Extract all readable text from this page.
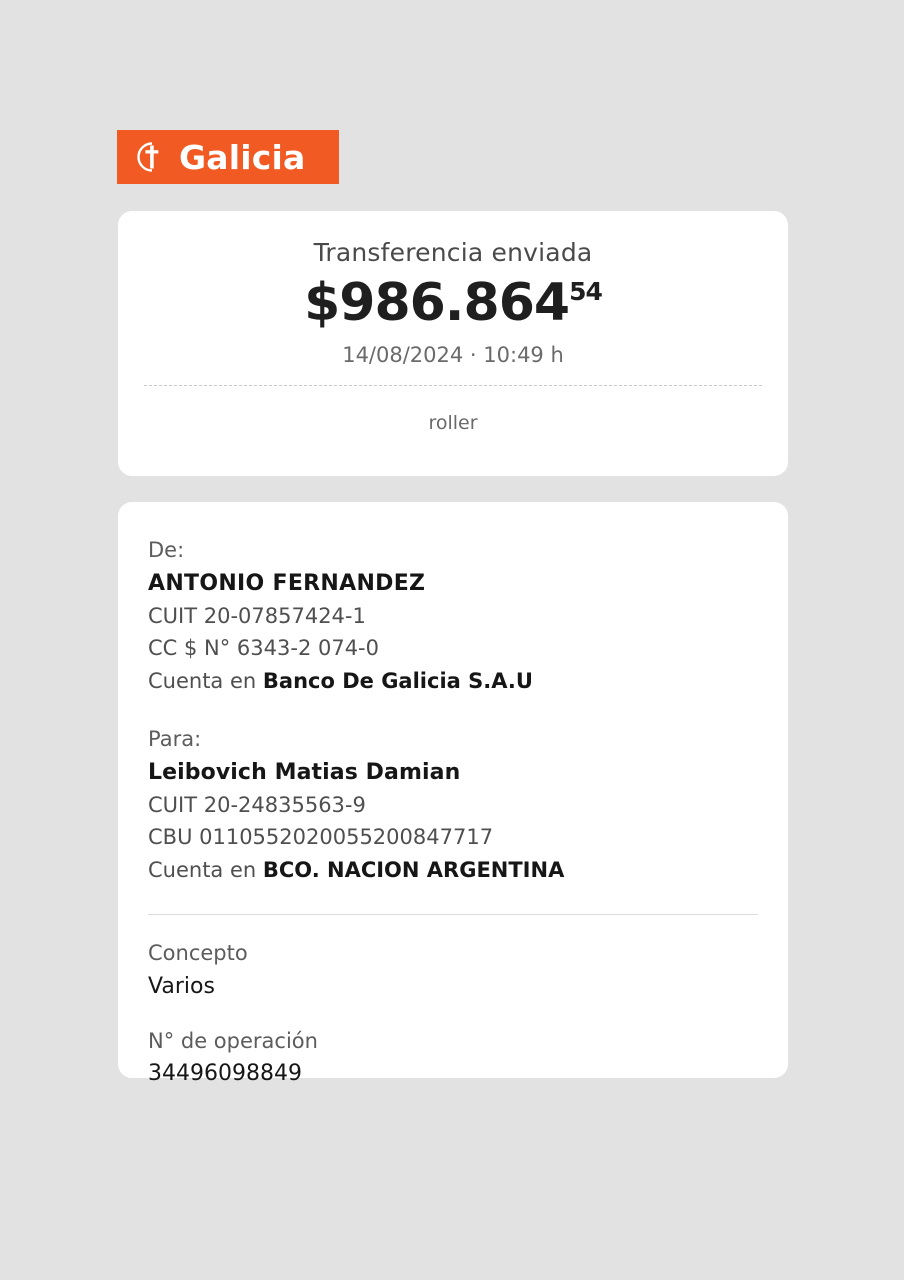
Galicia
Transferencia enviada
$986.864 54
14/08/2024 · 10:49 h
roller
De:
ANTONIO FERNANDEZ
CUIT 20-07857424-1
CC $ N° 6343-2 074-0
Cuenta en Banco De Galicia S.A.U
Para:
Leibovich Matias Damian
CUIT 20-24835563-9
CBU 0110552020055200847717
Cuenta en BCO. NACION ARGENTINA
Concepto
Varios
N° de operación
34496098849
